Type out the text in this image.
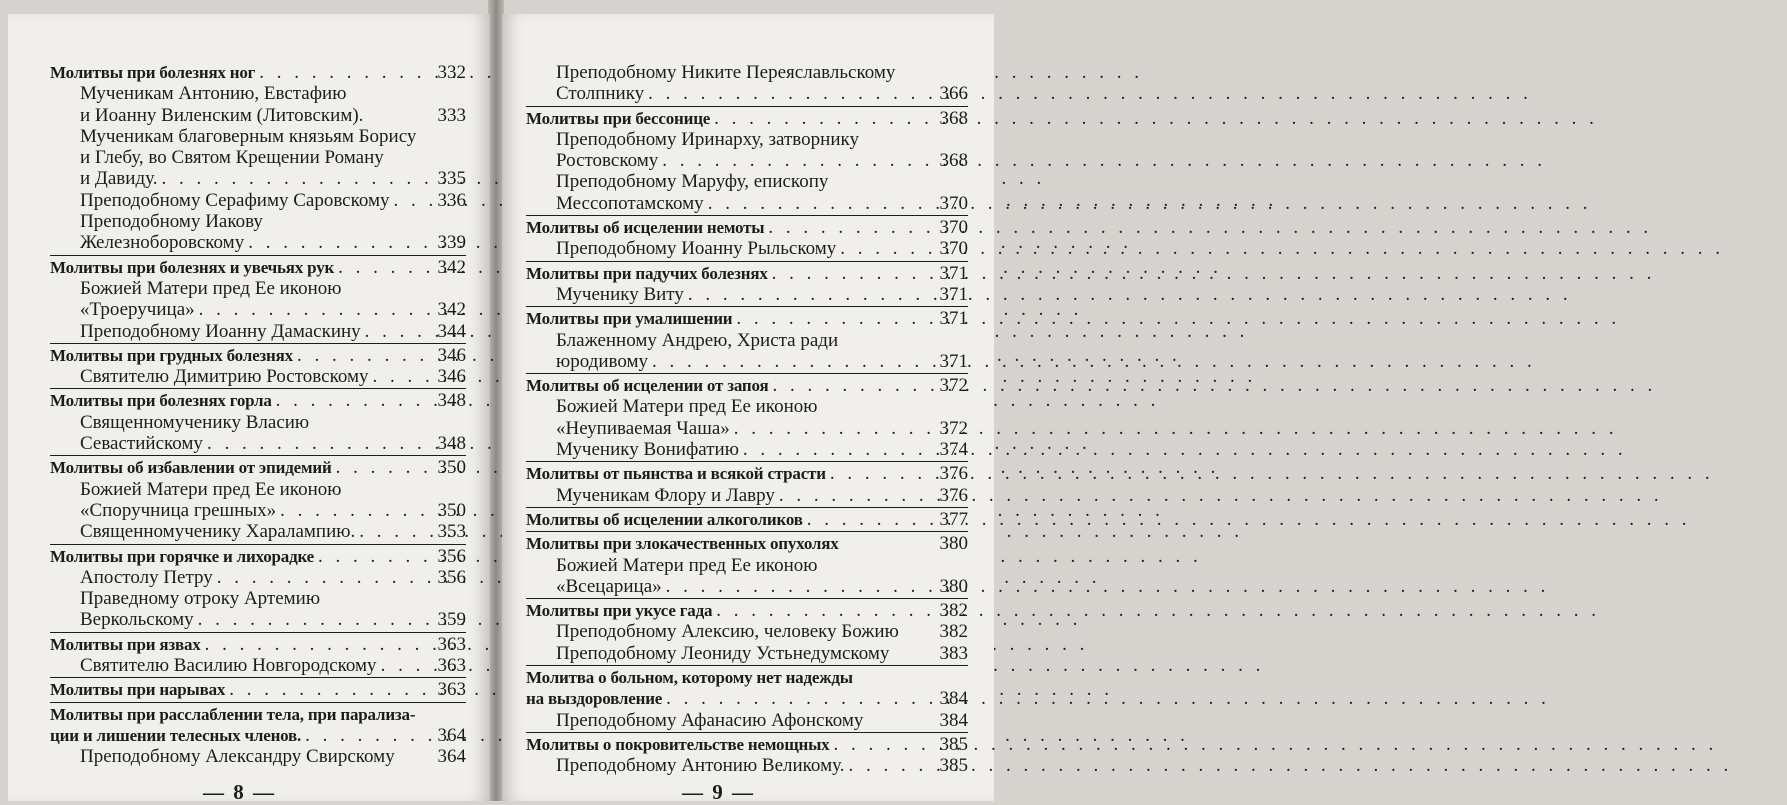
Молитвы при болезнях ног . . .	332
Мученикам Антонию, Евстафию
и Иоанну Виленским (Литовским).	333
Мученикам благоверным князьям Борису
и Глебу, во Святом Крещении Роману
и Давиду. . . .	335
Преподобному Серафиму Саровскому . . .	336
Преподобному Иакову
Железноборовскому . . .	339
Молитвы при болезнях и увечьях рук . . .	342
Божией Матери пред Ее иконою
«Троеручица» . . .	342
Преподобному Иоанну Дамаскину . . .	344
Молитвы при грудных болезнях . . .	346
Святителю Димитрию Ростовскому . . .	346
Молитвы при болезнях горла . . .	348
Священномученику Власию
Севастийскому . . .	348
Молитвы об избавлении от эпидемий . . .	350
Божией Матери пред Ее иконою
«Споручница грешных» . . .	350
Священномученику Харалампию. . . .	353
Молитвы при горячке и лихорадке . . .	356
Апостолу Петру . . .	356
Праведному отроку Артемию
Веркольскому . . .	359
Молитвы при язвах . . .	363
Святителю Василию Новгородскому . . .	363
Молитвы при нарывах . . .	363
Молитвы при расслаблении тела, при парализа-
ции и лишении телесных членов. . . .	364
Преподобному Александру Свирскому 364
— 8 —
Преподобному Никите Переяславльскому
Столпнику . . .	366
Молитвы при бессонице . . .	368
Преподобному Иринарху, затворнику
Ростовскому . . .	368
Преподобному Маруфу, епископу
Мессопотамскому . . .	370
Молитвы об исцелении немоты . . .	370
Преподобному Иоанну Рыльскому . . .	370
Молитвы при падучих болезнях . . .	371
Мученику Виту . . .	371
Молитвы при умалишении . . .	371
Блаженному Андрею, Христа ради
юродивому . . .	371
Молитвы об исцелении от запоя . . .	372
Божией Матери пред Ее иконою
«Неупиваемая Чаша» . . .	372
Мученику Вонифатию . . .	374
Молитвы от пьянства и всякой страсти . . .	376
Мученикам Флору и Лавру . . .	376
Молитвы об исцелении алкоголиков . . .	377
Молитвы при злокачественных опухолях	380
Божией Матери пред Ее иконою
«Всецарица» . . .	380
Молитвы при укусе гада . . .	382
Преподобному Алексию, человеку Божию 382
Преподобному Леониду Устьнедумскому	383
Молитва о больном, которому нет надежды
на выздоровление . . .	384
Преподобному Афанасию Афонскому	384
Молитвы о покровительстве немощных . . .	385
Преподобному Антонию Великому. . . .	385
— 9 —
